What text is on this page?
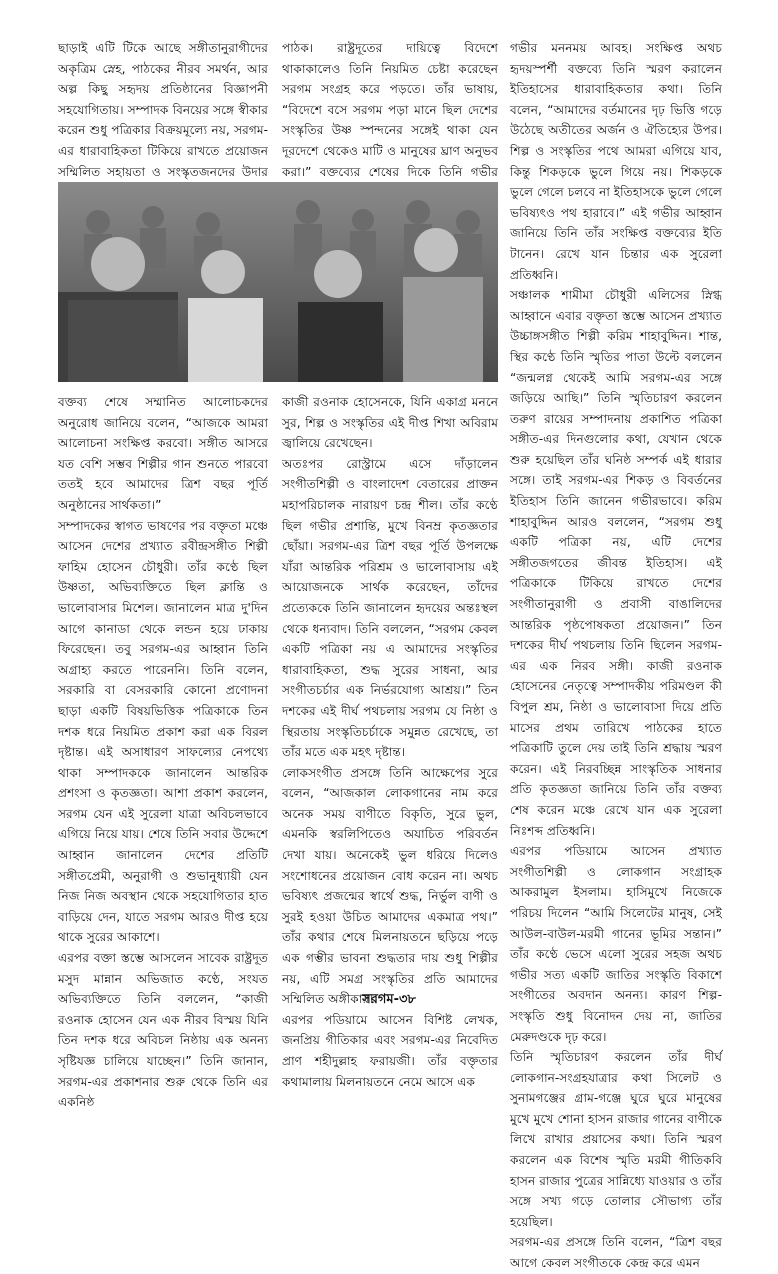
ছাড়াই এটি টিকে আছে সঙ্গীতানুরাগীদের অকৃত্রিম স্নেহ, পাঠকের নীরব সমর্থন, আর অল্প কিছু সহৃদয় প্রতিষ্ঠানের বিজ্ঞাপনী সহযোগিতায়। সম্পাদক বিনয়ের সঙ্গে স্বীকার করেন শুধু পত্রিকার বিক্রয়মূল্যে নয়, সরগম-এর ধারাবাহিকতা টিকিয়ে রাখতে প্রয়োজন সম্মিলিত সহায়তা ও সংস্কৃতজনদের উদার

পাঠক। রাষ্ট্রদূতের দায়িত্বে বিদেশে থাকাকালেও তিনি নিয়মিত চেষ্টা করেছেন সরগম সংগ্রহ করে পড়তে। তাঁর ভাষায়, “বিদেশে বসে সরগম পড়া মানে ছিল দেশের সংস্কৃতির উষ্ণ স্পন্দনের সঙ্গেই থাকা যেন দূরদেশে থেকেও মাটি ও মানুষের ঘ্রাণ অনুভব করা।” বক্তব্যের শেষের দিকে তিনি গভীর

বক্তব্য শেষে সম্মানিত আলোচকদের অনুরোধ জানিয়ে বলেন, “আজকে আমরা আলোচনা সংক্ষিপ্ত করবো। সঙ্গীত আসরে যত বেশি সম্ভব শিল্পীর গান শুনতে পারবো ততই হবে আমাদের ত্রিশ বছর পূর্তি অনুষ্ঠানের সার্থকতা।”

সম্পাদকের স্বাগত ভাষণের পর বক্তৃতা মঞ্চে আসেন দেশের প্রখ্যাত রবীন্দ্রসঙ্গীত শিল্পী ফাহিম হোসেন চৌধুরী। তাঁর কণ্ঠে ছিল উষ্ণতা, অভিব্যক্তিতে ছিল ক্লান্তি ও ভালোবাসার মিশেল। জানালেন মাত্র দু'দিন আগে কানাডা থেকে লন্ডন হয়ে ঢাকায় ফিরেছেন। তবু সরগম-এর আহ্বান তিনি অগ্রাহ্য করতে পারেননি। তিনি বলেন, সরকারি বা বেসরকারি কোনো প্রণোদনা ছাড়া একটি বিষয়ভিত্তিক পত্রিকাকে তিন দশক ধরে নিয়মিত প্রকাশ করা এক বিরল দৃষ্টান্ত। এই অসাধারণ সাফল্যের নেপথ্যে থাকা সম্পাদককে জানালেন আন্তরিক প্রশংসা ও কৃতজ্ঞতা। আশা প্রকাশ করলেন, সরগম যেন এই সুরেলা যাত্রা অবিচলভাবে এগিয়ে নিয়ে যায়। শেষে তিনি সবার উদ্দেশে আহ্বান জানালেন দেশের প্রতিটি সঙ্গীতপ্রেমী, অনুরাগী ও শুভানুধ্যায়ী যেন নিজ নিজ অবস্থান থেকে সহযোগিতার হাত বাড়িয়ে দেন, যাতে সরগম আরও দীপ্ত হয়ে থাকে সুরের আকাশে।

এরপর বক্তা স্তম্ভে আসলেন সাবেক রাষ্ট্রদূত মসুদ মান্নান অভিজাত কণ্ঠে, সংযত অভিব্যক্তিতে তিনি বললেন, “কাজী রওনাক হোসেন যেন এক নীরব বিস্ময় যিনি তিন দশক ধরে অবিচল নিষ্ঠায় এক অনন্য সৃষ্টিযজ্ঞ চালিয়ে যাচ্ছেন।” তিনি জানান, সরগম-এর প্রকাশনার শুরু থেকে তিনি এর একনিষ্ঠ

কাজী রওনাক হোসেনকে, যিনি একাগ্র মননে সুর, শিল্প ও সংস্কৃতির এই দীপ্ত শিখা অবিরাম জ্বালিয়ে রেখেছেন।

অতঃপর রোস্ট্রামে এসে দাঁড়ালেন সংগীতশিল্পী ও বাংলাদেশ বেতারের প্রাক্তন মহাপরিচালক নারায়ণ চন্দ্র শীল। তাঁর কণ্ঠে ছিল গভীর প্রশান্তি, মুখে বিনম্র কৃতজ্ঞতার ছোঁয়া। সরগম-এর ত্রিশ বছর পূর্তি উপলক্ষে যাঁরা আন্তরিক পরিশ্রম ও ভালোবাসায় এই আয়োজনকে সার্থক করেছেন, তাঁদের প্রত্যেককে তিনি জানালেন হৃদয়ের অন্তঃস্থল থেকে ধন্যবাদ। তিনি বললেন, “সরগম কেবল একটি পত্রিকা নয় এ আমাদের সংস্কৃতির ধারাবাহিকতা, শুদ্ধ সুরের সাধনা, আর সংগীতচর্চার এক নির্ভরযোগ্য আশ্রয়।” তিন দশকের এই দীর্ঘ পথচলায় সরগম যে নিষ্ঠা ও স্থিরতায় সংস্কৃতিচর্চাকে সমুন্নত রেখেছে, তা তাঁর মতে এক মহৎ দৃষ্টান্ত।

লোকসংগীত প্রসঙ্গে তিনি আক্ষেপের সুরে বলেন, “আজকাল লোকগানের নাম করে অনেক সময় বাণীতে বিকৃতি, সুরে ভুল, এমনকি স্বরলিপিতেও অযাচিত পরিবর্তন দেখা যায়। অনেকেই ভুল ধরিয়ে দিলেও সংশোধনের প্রয়োজন বোধ করেন না। অথচ ভবিষ্যৎ প্রজন্মের স্বার্থে শুদ্ধ, নির্ভুল বাণী ও সুরই হওয়া উচিত আমাদের একমাত্র পথ।” তাঁর কথার শেষে মিলনায়তনে ছড়িয়ে পড়ে এক গম্ভীর ভাবনা শুদ্ধতার দায় শুধু শিল্পীর নয়, এটি সমগ্র সংস্কৃতির প্রতি আমাদের সম্মিলিত অঙ্গীকার।

এরপর পডিয়ামে আসেন বিশিষ্ট লেখক, জনপ্রিয় গীতিকার এবং সরগম-এর নিবেদিত প্রাণ শহীদুল্লাহ ফরায়জী। তাঁর বক্তৃতার কথামালায় মিলনায়তনে নেমে আসে এক

গভীর মননময় আবহ। সংক্ষিপ্ত অথচ হৃদয়স্পর্শী বক্তব্যে তিনি স্মরণ করালেন ইতিহাসের ধারাবাহিকতার কথা। তিনি বলেন, “আমাদের বর্তমানের দৃঢ় ভিত্তি গড়ে উঠেছে অতীতের অর্জন ও ঐতিহ্যের উপর। শিল্প ও সংস্কৃতির পথে আমরা এগিয়ে যাব, কিন্তু শিকড়কে ভুলে গিয়ে নয়। শিকড়কে ভুলে গেলে চলবে না ইতিহাসকে ভুলে গেলে ভবিষ্যৎও পথ হারাবে।” এই গভীর আহ্বান জানিয়ে তিনি তাঁর সংক্ষিপ্ত বক্তব্যের ইতি টানেন। রেখে যান চিন্তার এক সুরেলা প্রতিধ্বনি।

সঞ্চালক শামীমা চৌধুরী এলিসের স্নিগ্ধ আহ্বানে এবার বক্তৃতা স্তম্ভে আসেন প্রখ্যাত উচ্চাঙ্গসঙ্গীত শিল্পী করিম শাহাবুদ্দিন। শান্ত, স্থির কণ্ঠে তিনি স্মৃতির পাতা উল্টে বললেন “জন্মলগ্ন থেকেই আমি সরগম-এর সঙ্গে জড়িয়ে আছি।” তিনি স্মৃতিচারণ করলেন তরুণ রায়ের সম্পাদনায় প্রকাশিত পত্রিকা সঙ্গীত-এর দিনগুলোর কথা, যেখান থেকে শুরু হয়েছিল তাঁর ঘনিষ্ঠ সম্পর্ক এই ধারার সঙ্গে। তাই সরগম-এর শিকড় ও বিবর্তনের ইতিহাস তিনি জানেন গভীরভাবে। করিম শাহাবুদ্দিন আরও বললেন, “সরগম শুধু একটি পত্রিকা নয়, এটি দেশের সঙ্গীতজগতের জীবন্ত ইতিহাস। এই পত্রিকাকে টিকিয়ে রাখতে দেশের সংগীতানুরাগী ও প্রবাসী বাঙালিদের আন্তরিক পৃষ্ঠপোষকতা প্রয়োজন।” তিন দশকের দীর্ঘ পথচলায় তিনি ছিলেন সরগম-এর এক নিরব সঙ্গী। কাজী রওনাক হোসেনের নেতৃত্বে সম্পাদকীয় পরিমণ্ডল কী বিপুল শ্রম, নিষ্ঠা ও ভালোবাসা দিয়ে প্রতি মাসের প্রথম তারিখে পাঠকের হাতে পত্রিকাটি তুলে দেয় তাই তিনি শ্রদ্ধায় স্মরণ করেন। এই নিরবচ্ছিন্ন সাংস্কৃতিক সাধনার প্রতি কৃতজ্ঞতা জানিয়ে তিনি তাঁর বক্তব্য শেষ করেন মঞ্চে রেখে যান এক সুরেলা নিঃশব্দ প্রতিধ্বনি।

এরপর পডিয়ামে আসেন প্রখ্যাত সংগীতশিল্পী ও লোকগান সংগ্রাহক আকরামুল ইসলাম। হাসিমুখে নিজেকে পরিচয় দিলেন “আমি সিলেটের মানুষ, সেই আউল-বাউল-মরমী গানের ভূমির সন্তান।” তাঁর কণ্ঠে ভেসে এলো সুরের সহজ অথচ গভীর সত্য একটি জাতির সংস্কৃতি বিকাশে সংগীতের অবদান অনন্য। কারণ শিল্প-সংস্কৃতি শুধু বিনোদন দেয় না, জাতির মেরুদণ্ডকে দৃঢ় করে।

তিনি স্মৃতিচারণ করলেন তাঁর দীর্ঘ লোকগান-সংগ্রহযাত্রার কথা সিলেট ও সুনামগঞ্জের গ্রাম-গঞ্জে ঘুরে ঘুরে মানুষের মুখে মুখে শোনা হাসন রাজার গানের বাণীকে লিখে রাখার প্রয়াসের কথা। তিনি স্মরণ করলেন এক বিশেষ স্মৃতি মরমী গীতিকবি হাসন রাজার পুত্রের সান্নিধ্যে যাওয়ার ও তাঁর সঙ্গে সখ্য গড়ে তোলার সৌভাগ্য তাঁর হয়েছিল।

সরগম-এর প্রসঙ্গে তিনি বলেন, “ত্রিশ বছর আগে কেবল সংগীতকে কেন্দ্র করে এমন

সরগম-৩৮
